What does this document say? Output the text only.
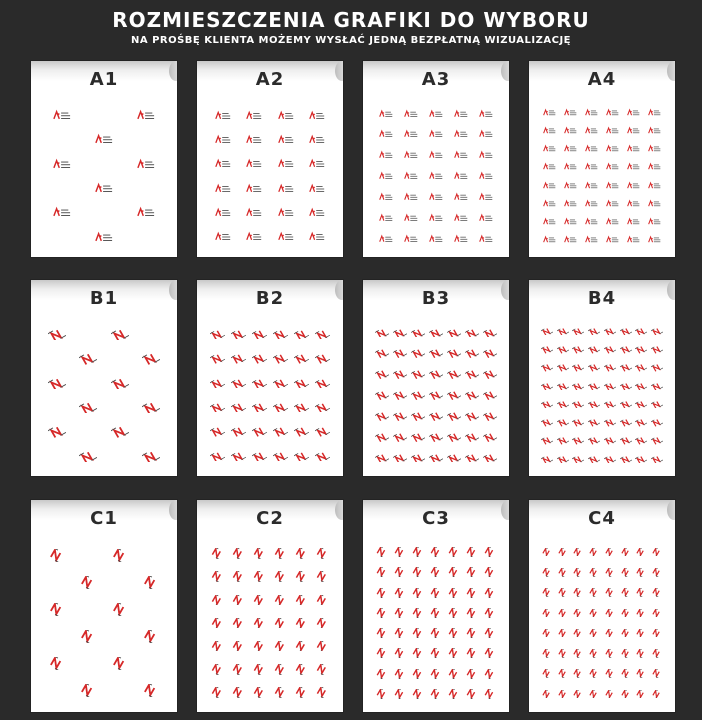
ROZMIESZCZENIA GRAFIKI DO WYBORU
NA PROŚBĘ KLIENTA MOŻEMY WYSŁAĆ JEDNĄ BEZPŁATNĄ WIZUALIZACJĘ
A1	A2	A3	A4
B1	B2	B3	B4
C1	C2	C3	C4
